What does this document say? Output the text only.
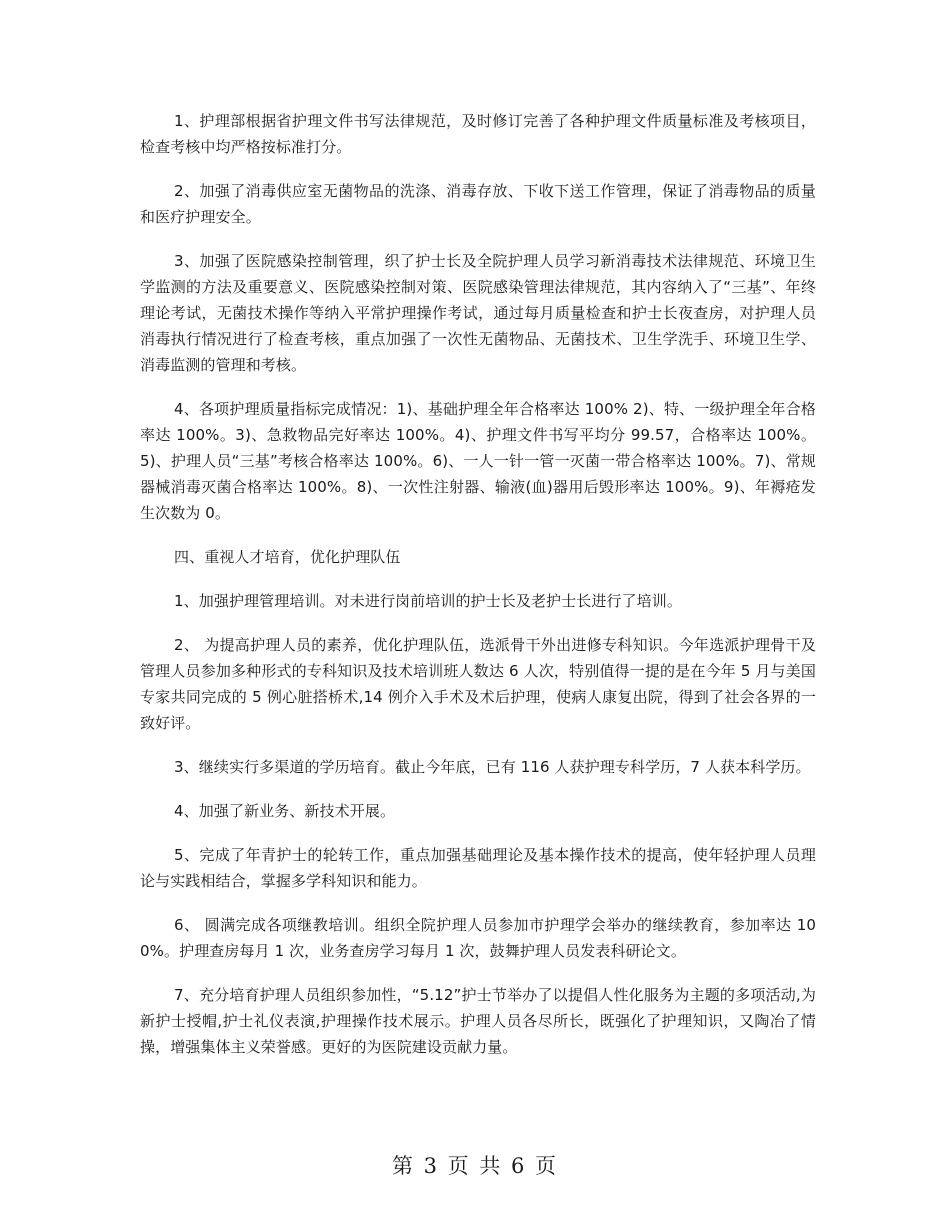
1、护理部根据省护理文件书写法律规范，及时修订完善了各种护理文件质量标准及考核项目，检查考核中均严格按标准打分。

2、加强了消毒供应室无菌物品的洗涤、消毒存放、下收下送工作管理，保证了消毒物品的质量和医疗护理安全。

3、加强了医院感染控制管理，织了护士长及全院护理人员学习新消毒技术法律规范、环境卫生学监测的方法及重要意义、医院感染控制对策、医院感染管理法律规范，其内容纳入了“三基”、年终理论考试，无菌技术操作等纳入平常护理操作考试，通过每月质量检查和护士长夜查房，对护理人员消毒执行情况进行了检查考核，重点加强了一次性无菌物品、无菌技术、卫生学洗手、环境卫生学、消毒监测的管理和考核。

4、各项护理质量指标完成情况：1)、基础护理全年合格率达 100% 2)、特、一级护理全年合格率达 100%。3)、急救物品完好率达 100%。4)、护理文件书写平均分 99.57，合格率达 100%。5)、护理人员“三基”考核合格率达 100%。6)、一人一针一管一灭菌一带合格率达 100%。7)、常规器械消毒灭菌合格率达 100%。8)、一次性注射器、输液(血)器用后毁形率达 100%。9)、年褥疮发生次数为 0。

四、重视人才培育，优化护理队伍

1、加强护理管理培训。对未进行岗前培训的护士长及老护士长进行了培训。

2、 为提高护理人员的素养，优化护理队伍，选派骨干外出进修专科知识。今年选派护理骨干及管理人员参加多种形式的专科知识及技术培训班人数达 6 人次，特别值得一提的是在今年 5 月与美国专家共同完成的 5 例心脏搭桥术,14 例介入手术及术后护理，使病人康复出院，得到了社会各界的一致好评。

3、继续实行多渠道的学历培育。截止今年底，已有 116 人获护理专科学历，7 人获本科学历。

4、加强了新业务、新技术开展。

5、完成了年青护士的轮转工作，重点加强基础理论及基本操作技术的提高，使年轻护理人员理论与实践相结合，掌握多学科知识和能力。

6、 圆满完成各项继教培训。组织全院护理人员参加市护理学会举办的继续教育，参加率达 100%。护理查房每月 1 次，业务查房学习每月 1 次，鼓舞护理人员发表科研论文。

7、充分培育护理人员组织参加性，“5.12”护士节举办了以提倡人性化服务为主题的多项活动,为新护士授帽,护士礼仪表演,护理操作技术展示。护理人员各尽所长，既强化了护理知识，又陶冶了情操，增强集体主义荣誉感。更好的为医院建设贡献力量。

第 3 页 共 6 页
